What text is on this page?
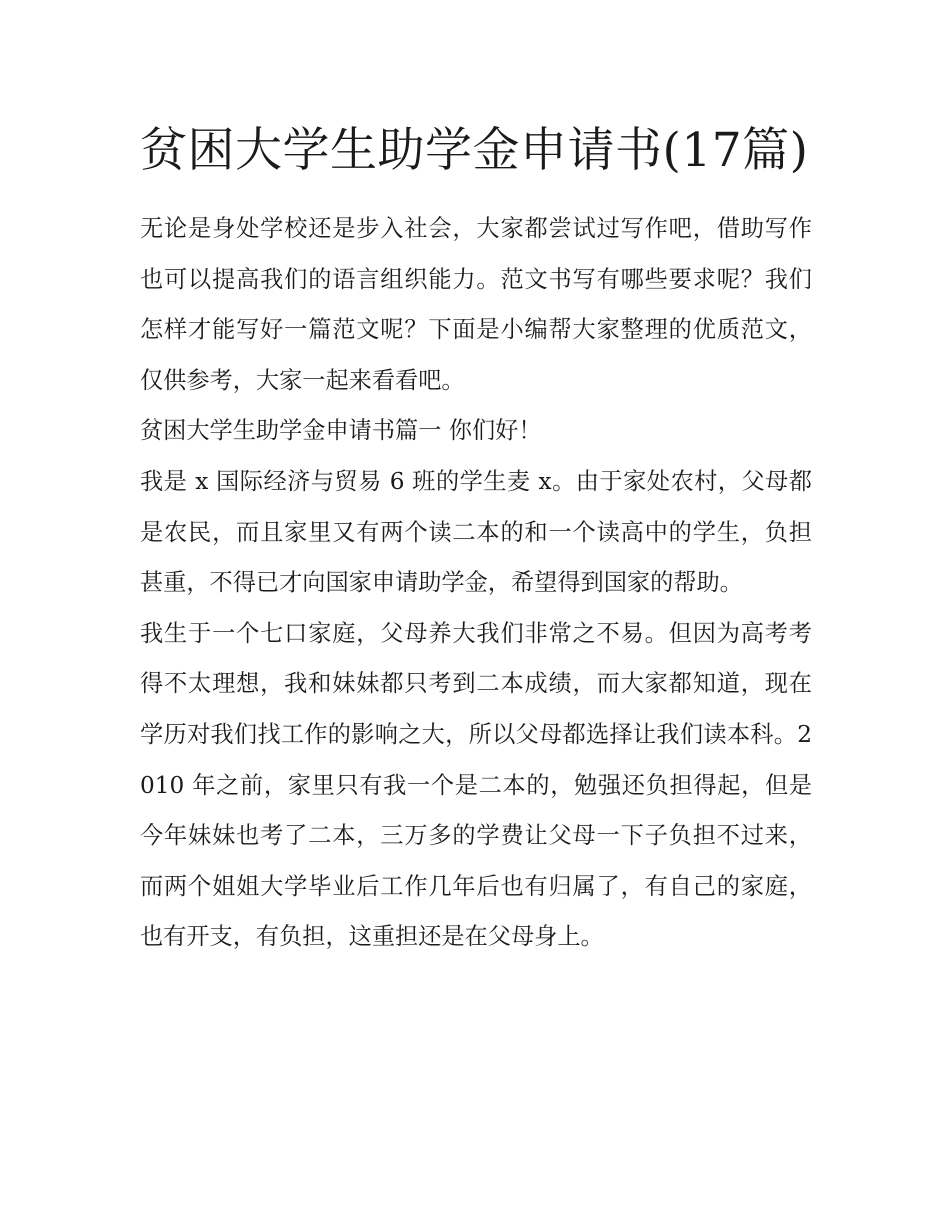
贫困大学生助学金申请书(17篇)

无论是身处学校还是步入社会，大家都尝试过写作吧，借助写作也可以提高我们的语言组织能力。范文书写有哪些要求呢？我们怎样才能写好一篇范文呢？下面是小编帮大家整理的优质范文，仅供参考，大家一起来看看吧。

贫困大学生助学金申请书篇一 你们好！

我是 x 国际经济与贸易 6 班的学生麦 x。由于家处农村，父母都是农民，而且家里又有两个读二本的和一个读高中的学生，负担甚重，不得已才向国家申请助学金，希望得到国家的帮助。

我生于一个七口家庭，父母养大我们非常之不易。但因为高考考得不太理想，我和妹妹都只考到二本成绩，而大家都知道，现在学历对我们找工作的影响之大，所以父母都选择让我们读本科。2010 年之前，家里只有我一个是二本的，勉强还负担得起，但是今年妹妹也考了二本，三万多的学费让父母一下子负担不过来，而两个姐姐大学毕业后工作几年后也有归属了，有自己的家庭，也有开支，有负担，这重担还是在父母身上。
